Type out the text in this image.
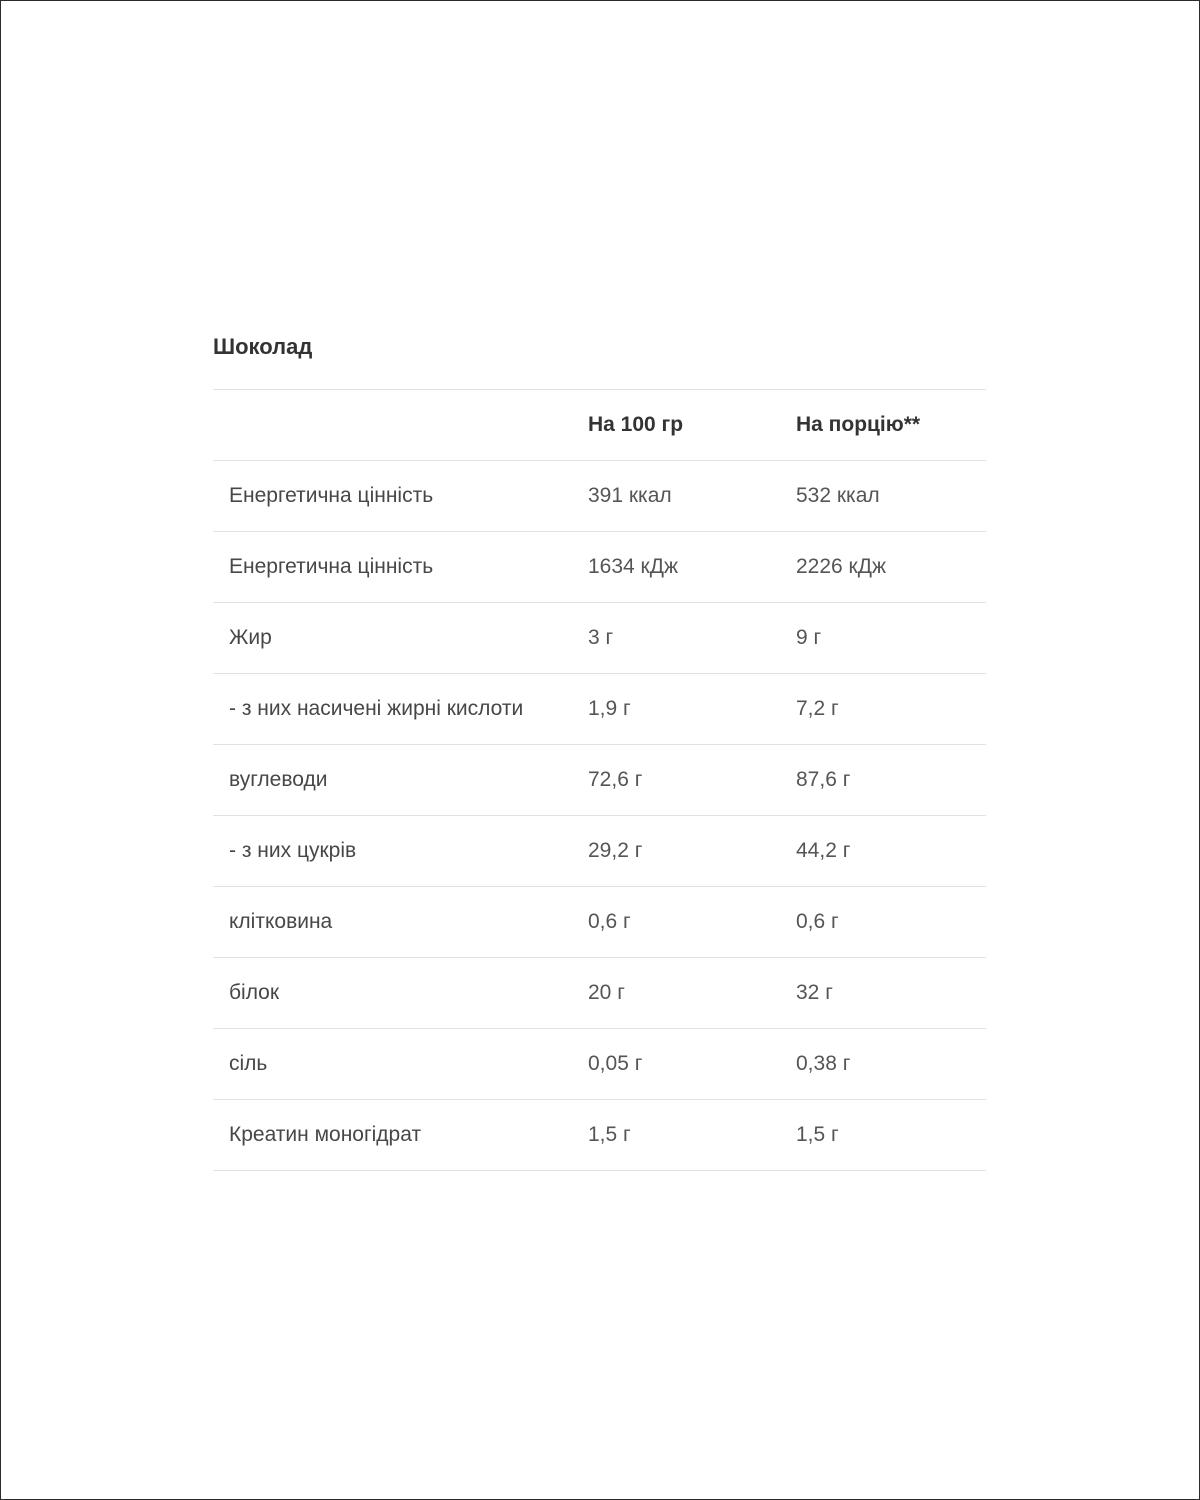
Шоколад
	На 100 гр	На порцію**
Енергетична цінність	391 ккал	532 ккал
Енергетична цінність	1634 кДж	2226 кДж
Жир	3 г	9 г
- з них насичені жирні кислоти	1,9 г	7,2 г
вуглеводи	72,6 г	87,6 г
- з них цукрів	29,2 г	44,2 г
клітковина	0,6 г	0,6 г
білок	20 г	32 г
сіль	0,05 г	0,38 г
Креатин моногідрат	1,5 г	1,5 г
